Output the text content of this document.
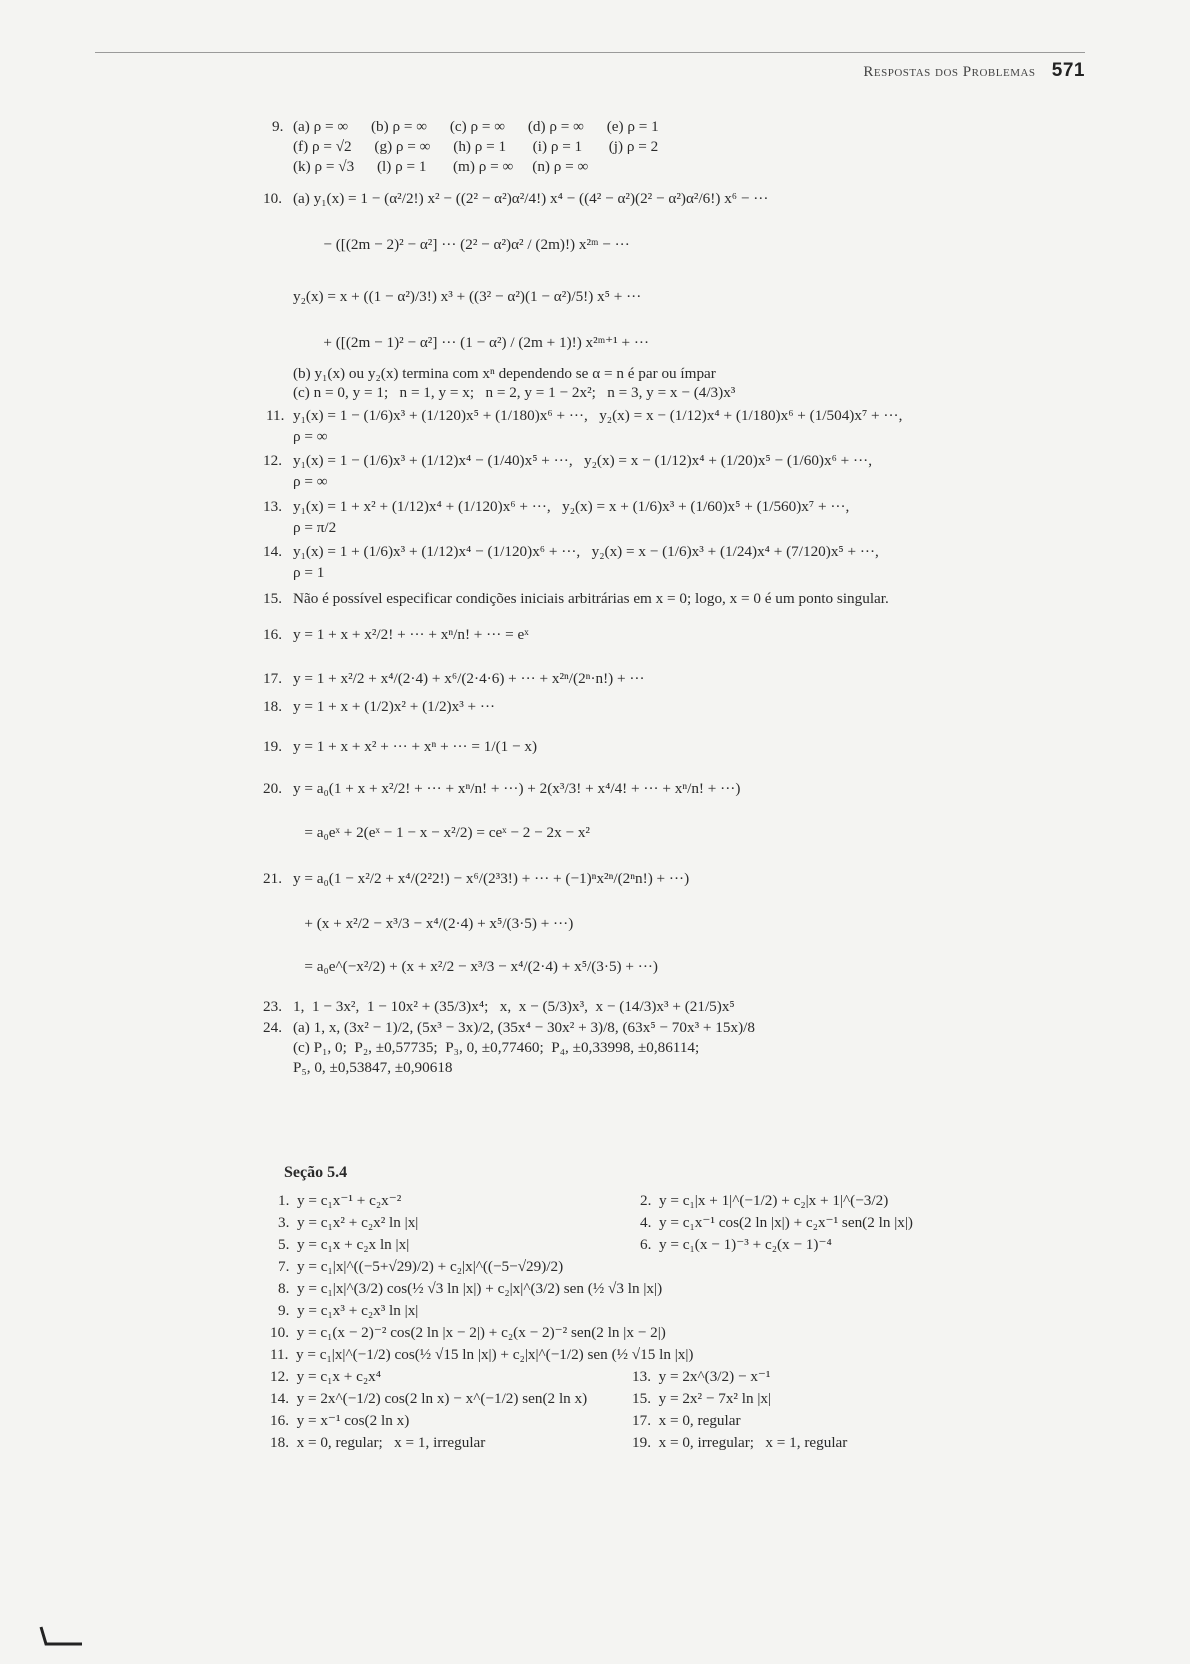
Respostas dos Problemas 571
9. (a) ρ = ∞      (b) ρ = ∞      (c) ρ = ∞      (d) ρ = ∞      (e) ρ = 1
(f) ρ = √2      (g) ρ = ∞      (h) ρ = 1       (i) ρ = 1       (j) ρ = 2
(k) ρ = √3      (l) ρ = 1       (m) ρ = ∞     (n) ρ = ∞
10. (a) y₁(x) = 1 − (α²/2!) x² − ((2² − α²)α²/4!) x⁴ − ((4² − α²)(2² − α²)α²/6!) x⁶ − ···
− ([(2m − 2)² − α²] ··· (2² − α²)α² / (2m)!) x²ᵐ − ···
y₂(x) = x + ((1 − α²)/3!) x³ + ((3² − α²)(1 − α²)/5!) x⁵ + ···
+ ([(2m − 1)² − α²] ··· (1 − α²) / (2m + 1)!) x²ᵐ⁺¹ + ···
(b) y₁(x) ou y₂(x) termina com xⁿ dependendo se α = n é par ou ímpar
(c) n = 0, y = 1;   n = 1, y = x;   n = 2, y = 1 − 2x²;   n = 3, y = x − (4/3)x³
11. y₁(x) = 1 − (1/6)x³ + (1/120)x⁵ + (1/180)x⁶ + ···,   y₂(x) = x − (1/12)x⁴ + (1/180)x⁶ + (1/504)x⁷ + ···,
ρ = ∞
12. y₁(x) = 1 − (1/6)x³ + (1/12)x⁴ − (1/40)x⁵ + ···,   y₂(x) = x − (1/12)x⁴ + (1/20)x⁵ − (1/60)x⁶ + ···,
ρ = ∞
13. y₁(x) = 1 + x² + (1/12)x⁴ + (1/120)x⁶ + ···,   y₂(x) = x + (1/6)x³ + (1/60)x⁵ + (1/560)x⁷ + ···,
ρ = π/2
14. y₁(x) = 1 + (1/6)x³ + (1/12)x⁴ − (1/120)x⁶ + ···,   y₂(x) = x − (1/6)x³ + (1/24)x⁴ + (7/120)x⁵ + ···,
ρ = 1
15. Não é possível especificar condições iniciais arbitrárias em x = 0; logo, x = 0 é um ponto singular.
16. y = 1 + x + x²/2! + ··· + xⁿ/n! + ··· = eˣ
17. y = 1 + x²/2 + x⁴/(2·4) + x⁶/(2·4·6) + ··· + x²ⁿ/(2ⁿ·n!) + ···
18. y = 1 + x + (1/2)x² + (1/2)x³ + ···
19. y = 1 + x + x² + ··· + xⁿ + ··· = 1/(1 − x)
20. y = a₀(1 + x + x²/2! + ··· + xⁿ/n! + ···) + 2(x³/3! + x⁴/4! + ··· + xⁿ/n! + ···)
= a₀eˣ + 2(eˣ − 1 − x − x²/2) = ceˣ − 2 − 2x − x²
21. y = a₀(1 − x²/2 + x⁴/(2²2!) − x⁶/(2³3!) + ··· + (−1)ⁿx²ⁿ/(2ⁿn!) + ···)
+ (x + x²/2 − x³/3 − x⁴/(2·4) + x⁵/(3·5) + ···)
= a₀e^(−x²/2) + (x + x²/2 − x³/3 − x⁴/(2·4) + x⁵/(3·5) + ···)
23. 1,  1 − 3x²,  1 − 10x² + (35/3)x⁴;   x,  x − (5/3)x³,  x − (14/3)x³ + (21/5)x⁵
24. (a) 1, x, (3x² − 1)/2, (5x³ − 3x)/2, (35x⁴ − 30x² + 3)/8, (63x⁵ − 70x³ + 15x)/8
(c) P₁, 0;  P₂, ±0,57735;  P₃, 0, ±0,77460;  P₄, ±0,33998, ±0,86114;
P₅, 0, ±0,53847, ±0,90618
Seção 5.4
1.  y = c₁x⁻¹ + c₂x⁻²
3.  y = c₁x² + c₂x² ln |x|
5.  y = c₁x + c₂x ln |x|
7.  y = c₁|x|^((−5+√29)/2) + c₂|x|^((−5−√29)/2)
8.  y = c₁|x|^(3/2) cos(½ √3 ln |x|) + c₂|x|^(3/2) sen (½ √3 ln |x|)
9.  y = c₁x³ + c₂x³ ln |x|
10.  y = c₁(x − 2)⁻² cos(2 ln |x − 2|) + c₂(x − 2)⁻² sen(2 ln |x − 2|)
11.  y = c₁|x|^(−1/2) cos(½ √15 ln |x|) + c₂|x|^(−1/2) sen (½ √15 ln |x|)
12.  y = c₁x + c₂x⁴
14.  y = 2x^(−1/2) cos(2 ln x) − x^(−1/2) sen(2 ln x)
16.  y = x⁻¹ cos(2 ln x)
18.  x = 0, regular;   x = 1, irregular
2.  y = c₁|x + 1|^(−1/2) + c₂|x + 1|^(−3/2)
4.  y = c₁x⁻¹ cos(2 ln |x|) + c₂x⁻¹ sen(2 ln |x|)
6.  y = c₁(x − 1)⁻³ + c₂(x − 1)⁻⁴
13.  y = 2x^(3/2) − x⁻¹
15.  y = 2x² − 7x² ln |x|
17.  x = 0, regular
19.  x = 0, irregular;   x = 1, regular
